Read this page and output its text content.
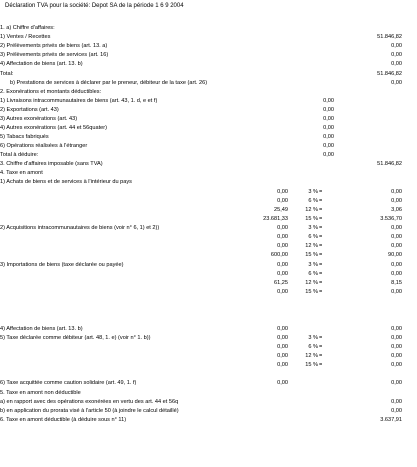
Déclaration TVA pour la société: Depot SA de la période 1 6 9 2004
1. a) Chiffre d'affaires:
1) Ventes / Recettes	51.846,82
2) Prélèvements privés de biens (art. 13. a)	0,00
3) Prélèvements privés de services (art. 16)	0,00
4) Affectation de biens (art. 13. b)	0,00
Total:	51.846,82
b) Prestations de services à déclarer par le preneur, débiteur de la taxe (art. 26)	0,00
2. Exonérations et montants déductibles:
1) Livraisons intracommunautaires de biens (art. 43, 1. d, e et f)	0,00
2) Exportations (art. 43)	0,00
3) Autres exonérations (art. 43)	0,00
4) Autres exonérations (art. 44 et 56quater)	0,00
5) Tabacs fabriqués	0,00
6) Opérations réalisées à l'étranger	0,00
Total à déduire:	0,00
3. Chiffre d'affaires imposable (sans TVA)	51.846,82
4. Taxe en amont
1) Achats de biens et de services à l'intérieur du pays
0,00	3 % =	0,00
0,00	6 % =	0,00
25,49	12 % =	3,06
23.681,33	15 % =	3.536,70
2) Acquisitions intracommunautaires de biens (voir n° 6, 1) et 2))	0,00	3 % =	0,00
0,00	6 % =	0,00
0,00	12 % =	0,00
600,00	15 % =	90,00
3) Importations de biens (taxe déclarée ou payée)	0,00	3 % =	0,00
0,00	6 % =	0,00
61,25	12 % =	8,15
0,00	15 % =	0,00
4) Affectation de biens (art. 13. b)	0,00	0,00
5) Taxe déclarée comme débiteur (art. 48, 1. e) (voir n° 1. b))	0,00	3 % =	0,00
0,00	6 % =	0,00
0,00	12 % =	0,00
0,00	15 % =	0,00
6) Taxe acquittée comme caution solidaire (art. 49, 1. f)	0,00	0,00
5. Taxe en amont non déductible
a) en rapport avec des opérations exonérées en vertu des art. 44 et 56q	0,00
b) en application du prorata visé à l'article 50 (à joindre le calcul détaillé)	0,00
6. Taxe en amont déductible (à déduire sous n° 11)	3.637,91
